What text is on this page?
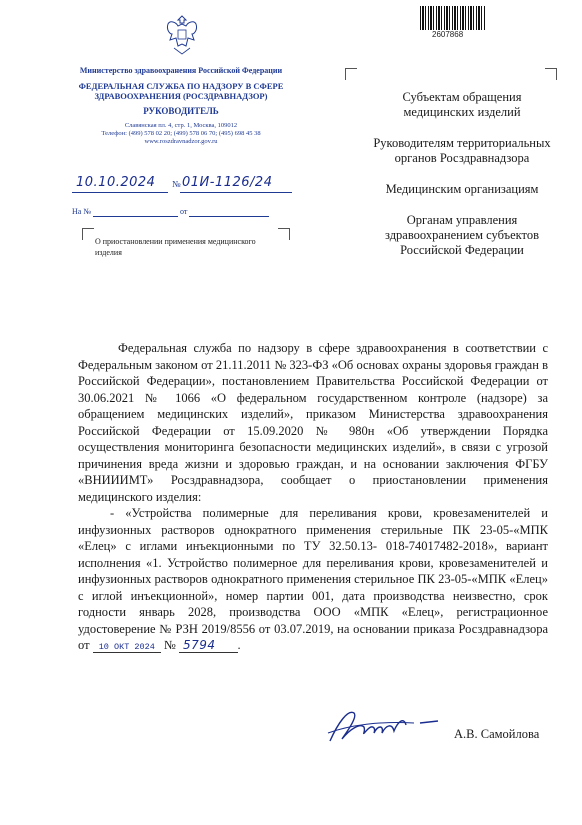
2607868
Министерство здравоохранения Российской Федерации
ФЕДЕРАЛЬНАЯ СЛУЖБА ПО НАДЗОРУ В СФЕРЕ ЗДРАВООХРАНЕНИЯ (РОСЗДРАВНАДЗОР)
РУКОВОДИТЕЛЬ
Славянская пл. 4, стр. 1, Москва, 109012
Телефон: (499) 578 02 20; (499) 578 06 70; (495) 698 45 38
www.roszdravnadzor.gov.ru
10.10.2024 № 01И-1126/24
На №	от
О приостановлении применения медицинского изделия
Субъектам обращения медицинских изделий
Руководителям территориальных органов Росздравнадзора
Медицинским организациям
Органам управления здравоохранением субъектов Российской Федерации

Федеральная служба по надзору в сфере здравоохранения в соответствии с Федеральным законом от 21.11.2011 № 323-ФЗ «Об основах охраны здоровья граждан в Российской Федерации», постановлением Правительства Российской Федерации от 30.06.2021 № 1066 «О федеральном государственном контроле (надзоре) за обращением медицинских изделий», приказом Министерства здравоохранения Российской Федерации от 15.09.2020 № 980н «Об утверждении Порядка осуществления мониторинга безопасности медицинских изделий», в связи с угрозой причинения вреда жизни и здоровью граждан, и на основании заключения ФГБУ «ВНИИИМТ» Росздравнадзора, сообщает о приостановлении применения медицинского изделия:

- «Устройства полимерные для переливания крови, кровезаменителей и инфузионных растворов однократного применения стерильные ПК 23-05-«МПК «Елец» с иглами инъекционными по ТУ 32.50.13- 018-74017482-2018», вариант исполнения «1. Устройство полимерное для переливания крови, кровезаменителей и инфузионных растворов однократного применения стерильное ПК 23-05-«МПК «Елец» с иглой инъекционной», номер партии 001, дата производства неизвестно, срок годности январь 2028, производства ООО «МПК «Елец», регистрационное удостоверение № РЗН 2019/8556 от 03.07.2019, на основании приказа Росздравнадзора от 10 ОКТ 2024 № 5794 .

А.В. Самойлова
